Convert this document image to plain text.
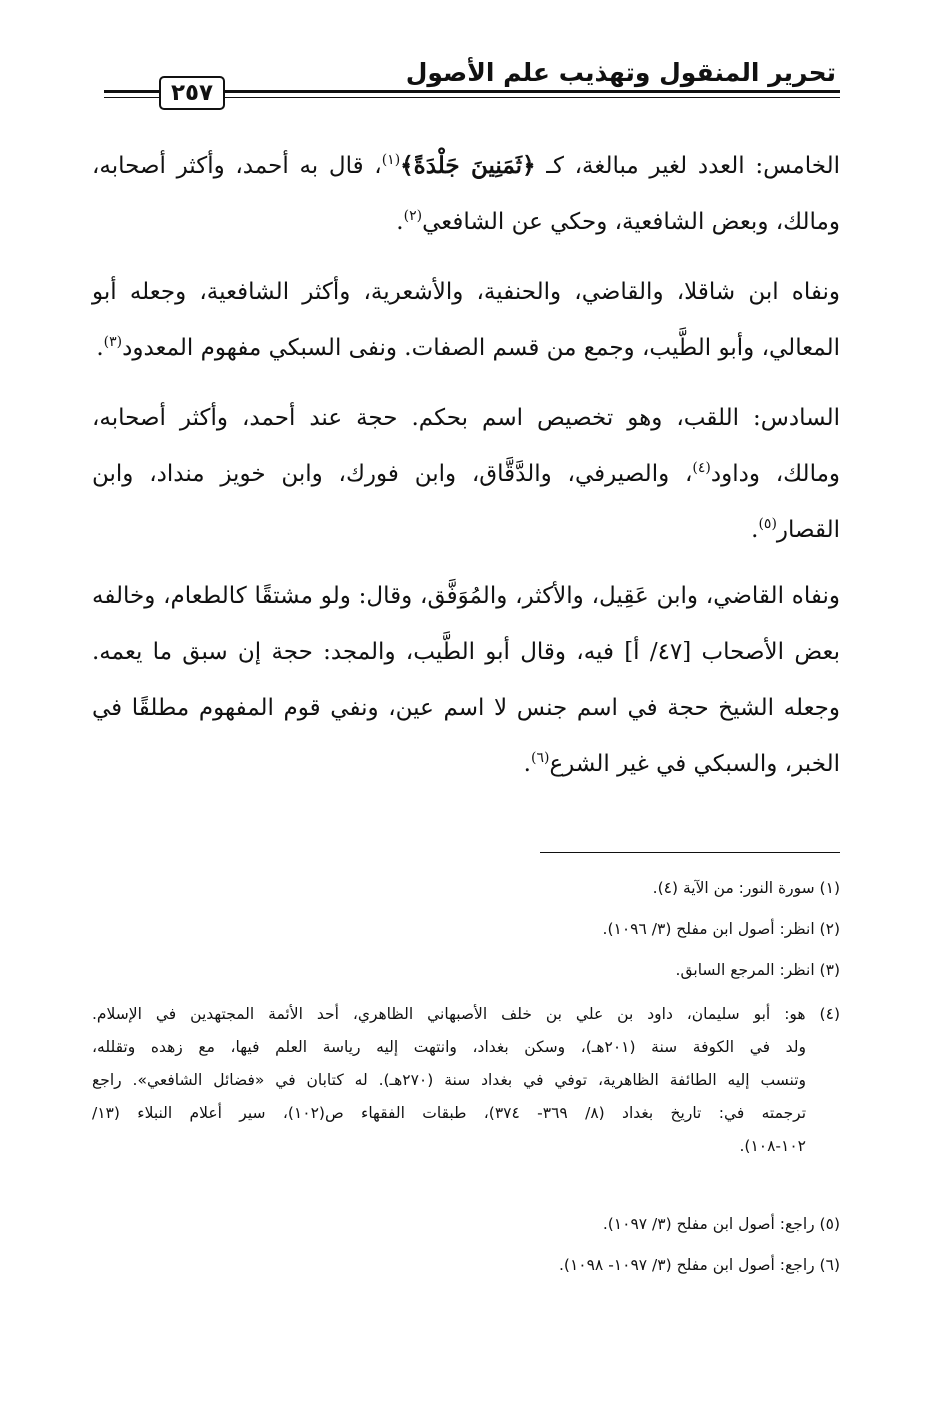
تحرير المنقول وتهذيب علم الأصول
٢٥٧

الخامس: العدد لغير مبالغة، كـ ﴿ثَمَنِينَ جَلْدَةً﴾$^{(١)}$، قال به أحمد، وأكثر أصحابه، ومالك، وبعض الشافعية، وحكي عن الشافعي$^{(٢)}$.

ونفاه ابن شاقلا، والقاضي، والحنفية، والأشعرية، وأكثر الشافعية، وجعله أبو المعالي، وأبو الطَّيب، وجمع من قسم الصفات. ونفى السبكي مفهوم المعدود$^{(٣)}$.

السادس: اللقب، وهو تخصيص اسم بحكم. حجة عند أحمد، وأكثر أصحابه، ومالك، وداود$^{(٤)}$، والصيرفي، والدَّقَّاق، وابن فورك، وابن خويز منداد، وابن القصار$^{(٥)}$.

ونفاه القاضي، وابن عَقِيل، والأكثر، والمُوَفَّق، وقال: ولو مشتقًا كالطعام، وخالفه بعض الأصحاب [٤٧/ أ] فيه، وقال أبو الطَّيب، والمجد: حجة إن سبق ما يعمه. وجعله الشيخ حجة في اسم جنس لا اسم عين، ونفي قوم المفهوم مطلقًا في الخبر، والسبكي في غير الشرع$^{(٦)}$.

(١) سورة النور: من الآية (٤).
(٢) انظر: أصول ابن مفلح (٣/ ١٠٩٦).
(٣) انظر: المرجع السابق.
(٤) هو: أبو سليمان، داود بن علي بن خلف الأصبهاني الظاهري، أحد الأئمة المجتهدين في الإسلام.
ولد في الكوفة سنة (٢٠١هـ)، وسكن بغداد، وانتهت إليه رياسة العلم فيها، مع زهده وتقلله،
وتنسب إليه الطائفة الظاهرية، توفي في بغداد سنة (٢٧٠هـ). له كتابان في «فضائل الشافعي». راجع
ترجمته في: تاريخ بغداد (٨/ ٣٦٩- ٣٧٤)، طبقات الفقهاء ص(١٠٢)، سير أعلام النبلاء (١٣/
١٠٢-١٠٨).
(٥) راجع: أصول ابن مفلح (٣/ ١٠٩٧).
(٦) راجع: أصول ابن مفلح (٣/ ١٠٩٧- ١٠٩٨).
